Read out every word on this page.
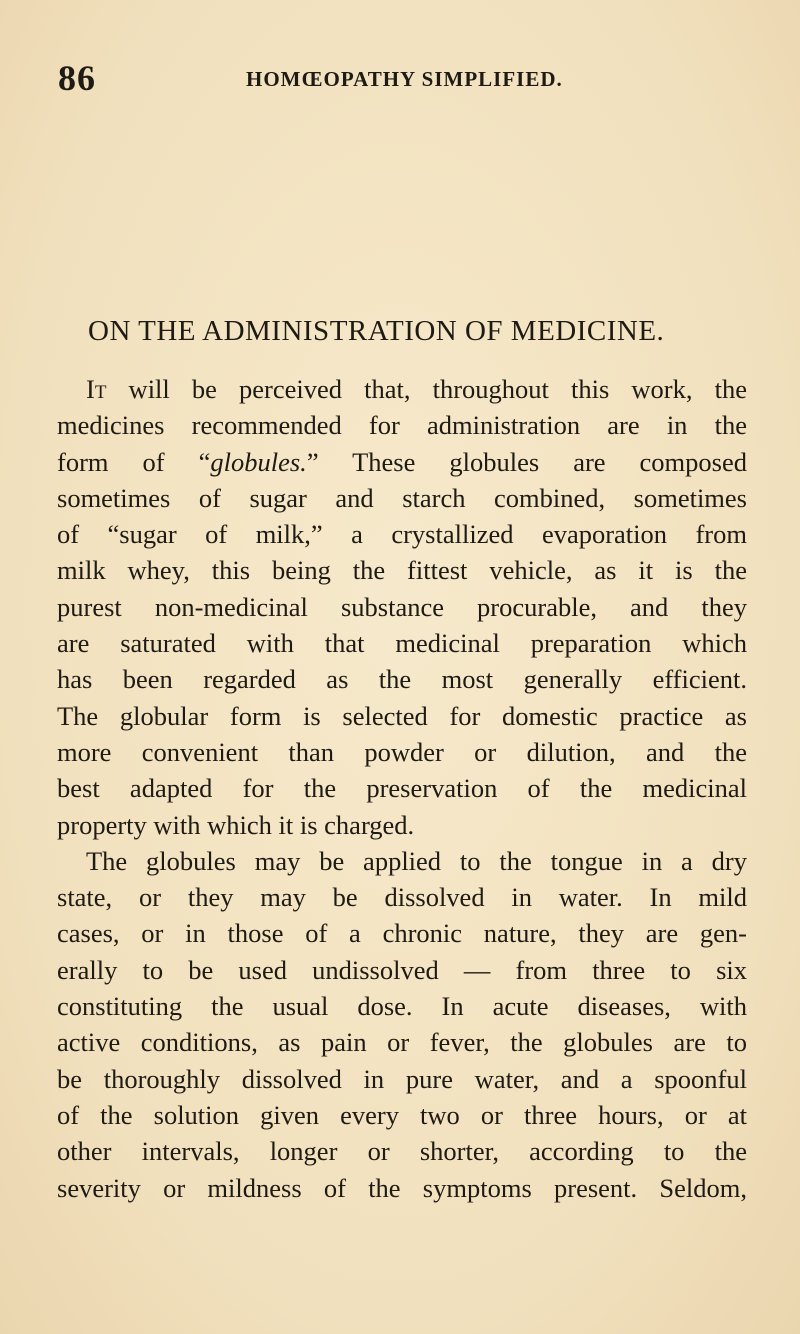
86	HOMŒOPATHY SIMPLIFIED.
ON THE ADMINISTRATION OF MEDICINE.
It will be perceived that, throughout this work, the
medicines recommended for administration are in the
form of “globules.” These globules are composed
sometimes of sugar and starch combined, sometimes
of “sugar of milk,” a crystallized evaporation from
milk whey, this being the fittest vehicle, as it is the
purest non-medicinal substance procurable, and they
are saturated with that medicinal preparation which
has been regarded as the most generally efficient.
The globular form is selected for domestic practice as
more convenient than powder or dilution, and the
best adapted for the preservation of the medicinal
property with which it is charged.
The globules may be applied to the tongue in a dry
state, or they may be dissolved in water. In mild
cases, or in those of a chronic nature, they are gen-
erally to be used undissolved — from three to six
constituting the usual dose. In acute diseases, with
active conditions, as pain or fever, the globules are to
be thoroughly dissolved in pure water, and a spoonful
of the solution given every two or three hours, or at
other intervals, longer or shorter, according to the
severity or mildness of the symptoms present. Seldom,
